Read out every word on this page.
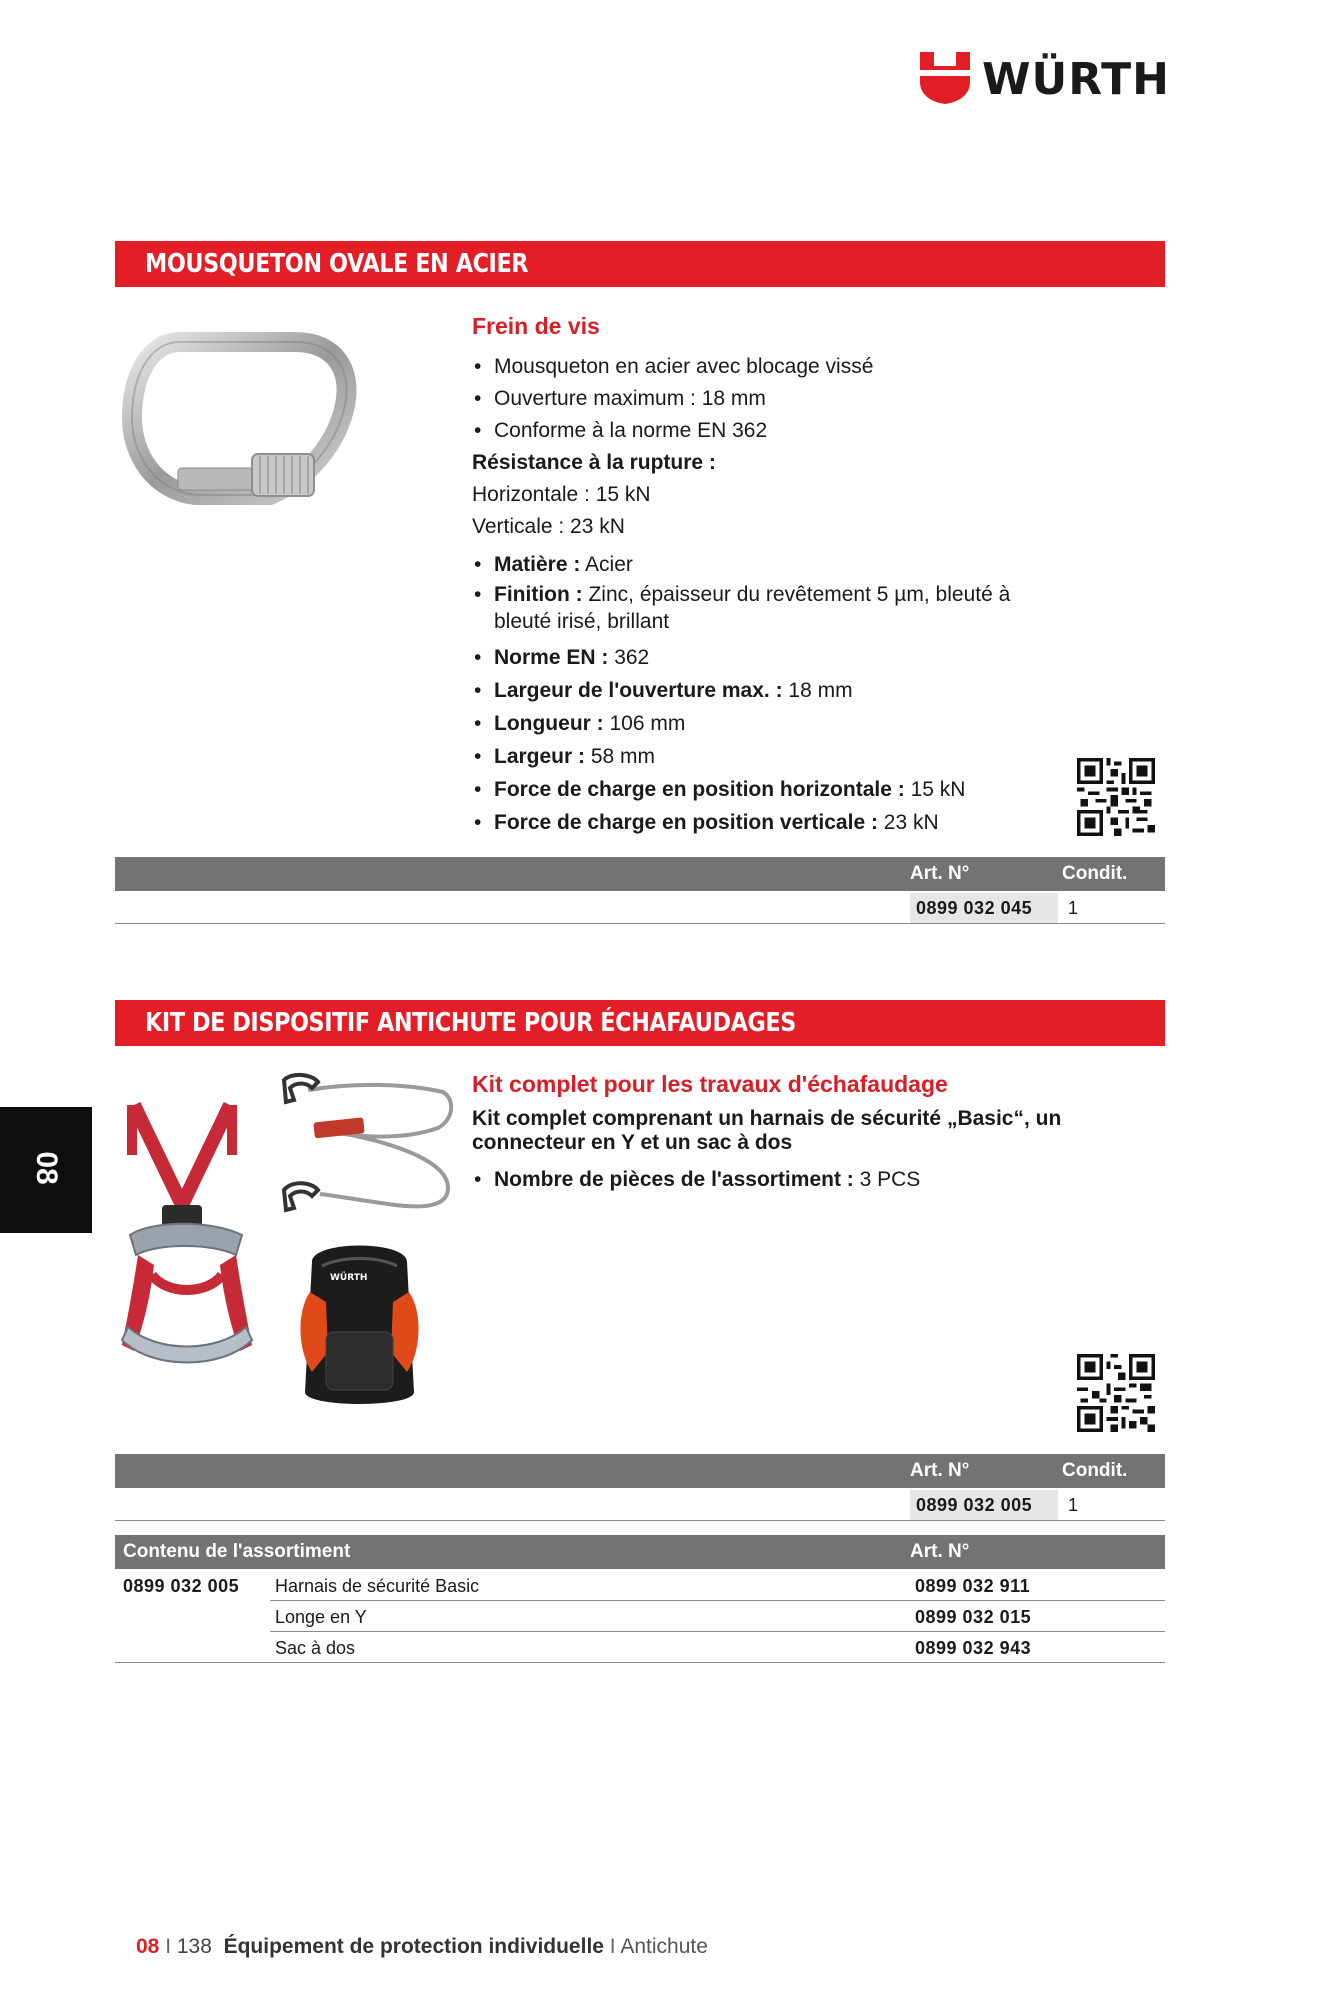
WÜRTH
MOUSQUETON OVALE EN ACIER
Frein de vis
• Mousqueton en acier avec blocage vissé
• Ouverture maximum : 18 mm
• Conforme à la norme EN 362
Résistance à la rupture :
Horizontale : 15 kN
Verticale : 23 kN
• Matière : Acier
• Finition : Zinc, épaisseur du revêtement 5 µm, bleuté à bleuté irisé, brillant
• Norme EN : 362
• Largeur de l'ouverture max. : 18 mm
• Longueur : 106 mm
• Largeur : 58 mm
• Force de charge en position horizontale : 15 kN
• Force de charge en position verticale : 23 kN
Art. N°	Condit.
0899 032 045 1
KIT DE DISPOSITIF ANTICHUTE POUR ÉCHAFAUDAGES
WÜRTH
Kit complet pour les travaux d'échafaudage
Kit complet comprenant un harnais de sécurité „Basic“, un connecteur en Y et un sac à dos
• Nombre de pièces de l'assortiment : 3 PCS
Art. N°	Condit.
0899 032 005 1
Contenu de l'assortiment	Art. N°
0899 032 005 Harnais de sécurité Basic	0899 032 911
Longe en Y	0899 032 015
Sac à dos	0899 032 943
08
08 I 138 Équipement de protection individuelle I Antichute
